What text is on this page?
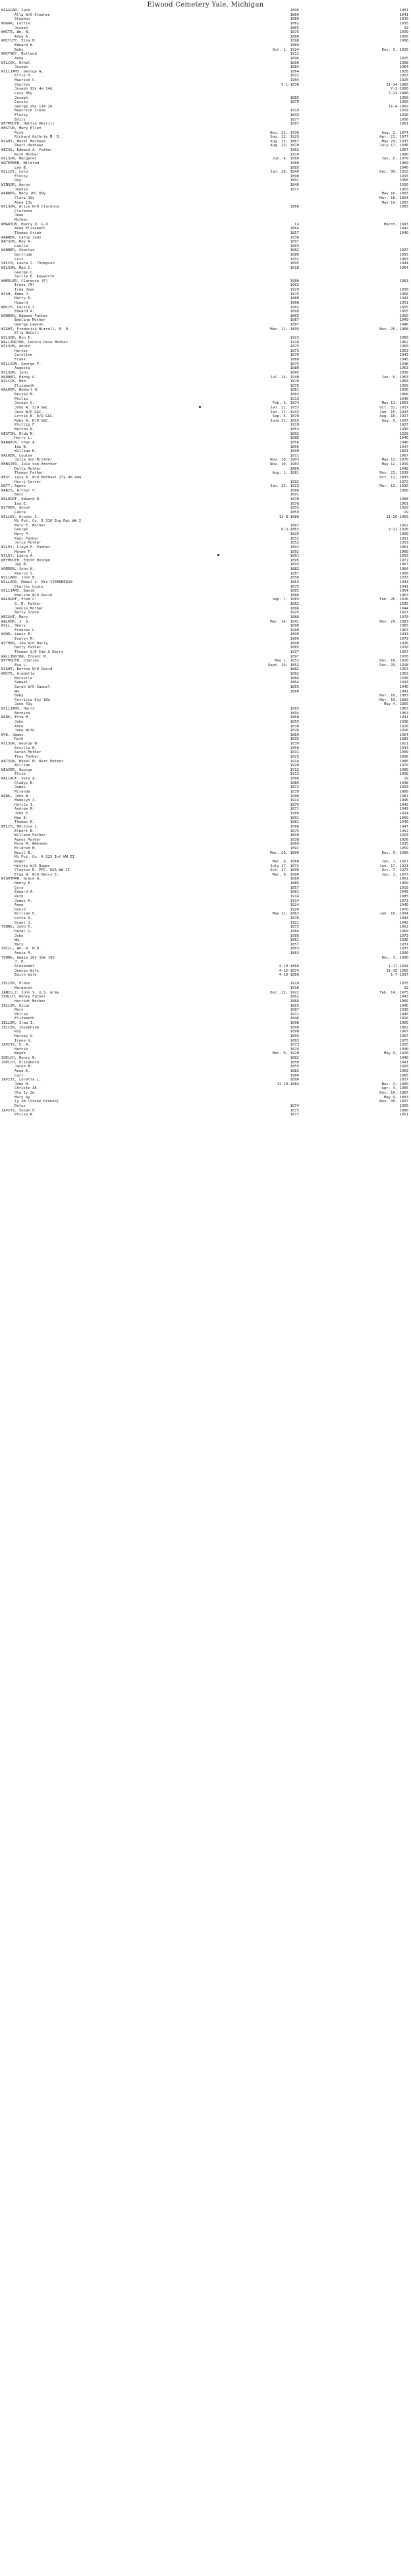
Elwood Cemetery Yale, Michigan
WIGGGAR, Jack	1896	1901
Alla W/O Stephen	1869	1941
Stephen	1866	1930
WOGAR, Lottie	1862	1935
Joseph	1865	19
WHITE, Wm. N.	1875	1939
Anna A.	1880	1956
WHITLEY, Elsa B.	1898	1968
Edward W.	1889
Baby	Oct. 1, 1924	Dec. 3, 1925
WHITNEY, Rolland	1912
Anna	1896	1925
WILCOX, Ethel	1890	1968
Joseph	1884	1964
WILLIAMS, George N.	1864	1928
Effie M.	1872	1953
Maurice C.	1904	1925
Charles	5-1-1836	11-14-1885
Joseph 93y 4m 14d	7-2-1890
Lucy 85y	7-23-1880
Joseph	1865	1950
Cassie	1870	1950
George 29y 11m 2d	11-4-1902
Beatrice Irene	1919	1919
Flossy	1843	1916
Emily	1877	1956
WEYMOUTH, Hattie Merrill	1887	1961
WESTON, Mary Ellen
Rick	Nov. 22, 1936	Aug. 2, 1974
Richard Guthrie M. D.	Sep. 22, 1929	Apr. 21, 1977
WIGHT, Hazel Mathews	Aug. 13, 1867	May 29, 1933
Pearl Mathews	Aug. 23, 1870	July 17, 1936
WEISS, Edward A. Father	1902	1967
Ruth Mother	1910	1980
WILSON, Margaret	Jun. 4, 1899	Jan. 6, 1979
WATERMAN, Mildred	1900	1969
Leo B.	1885	1940
WILLEY, Lela	Jan. 26, 1849	Dec. 30, 1913
Flossy	1890	1915
Roy	1891	1956
WINSOR, Aaron	1846	1916
Jennie	1872	1953
WARNER, Mary (M) 60y	May 16, 1893
Clara 19y	Mar. 18, 1894
Anna 13y	May 19, 1893
WILSON, Alice W/O Clarence	1866	1905
Clarence
Jean
Mother
WHARTON, Harry D. G.O	lo	March, 1893
Anne Elizabeth	1864	1942
Thomas Uriah	1857	1940
WARNER, Cathy Jean	1936
WATSON, Roy A.	1897
Luella	1903
WARNER, Charles	1882	1937
Gertrude	1886	1955
Lois	1932	1963
VELCH, Laura J. Thompson	1895	1944
WILSON, Max C.	1918	1964
George C.
Sallie E. Keyworth
WHEELER, Clarence (F)	1900	1963
Irene (M)	1902
Irma Jean	1929	1930
WISH, Emma J.	1875	1956
Harry E.	1880	1944
Howard	1908	1951
WHITE, Cecile I.	1902	1955
Edward A.	1899	1955
WORDEN, Edmond Father	1865	1950
Emeline Mother	1867	1949
George Lawson	1897	1946
WIGHT, Frederick Burrell, M. D.	Mar. 11, 1895	Nov. 25, 1968
Ella McColl
WILSON, Don E.	1923	1960
WALLINGTON, Lenore Rose Mother	1916	1962
WILSON, Annie	1875	1950
Harvey	1873	1953
Caroline	1876	1942
Frank	1868	1945
WILLSON, George F.	1875	1948
Augusta	1880	1963
WILSON, John	1845	1939
WARNER, Danny G.	Jul. 24, 1948	Jan. 6, 1963
WILCOX, Moe	1878	1950
Elizabeth	1876	1959
WALKER, Robert H.	1881	1956
Bessie M.	1883	1968
Philip	1913	1940
Joseph G.	Feb. 3, 1874	May 11, 1953
John W. S/O G&C.	Jan. 21, 1933	Oct. 31, 1937
Jack W/O G&C.	Jan. 17, 1943	Jan. 15, 1943
Lottie E. D/O G&C.	Sep. 5, 1870	Aug. 16, 1927
Ruby A. D/O G&C.	June 11, 1893	Aug. 9, 1937
Phillip F.	1919	1927
Martha A.	1853	1930
WESTON, Elda M.	1892	1920
Harry L.	1886	1946
WARWICK, Chas A.	1856	1940
Ida B.	1856	1947
William H.	1890	1891
WALKER, Louise	1911	1967
Julia Son-Brother	Nov. 10, 1903	May 12, 1978
WEBSTER, Jule Son-Brother	Nov. 10, 1903	May 12, 1934
Della Mother	1869	1948
Thomas Father	Aug. 1, 1881	Nov. 23, 1939
WEST, Lucy A. W/O Bethuel 27y 4m 4da	Oct. 11, 1893
Harry Carter	1892	1972
WATT, Agnes	Jan. 15, 1923	Mar. 13, 1920
WARIS, Arthur F.	1886	1968
Bess	1891
WALDORF, Edward R.	1878	1968
Iva E.	1878	1961
WITHER, Anson	1855	1929
Laura	1859	19
WILLEY, Grover C.	11-8-1886	11-20-1963
Mi Pvt. Co. 3 310 Eng Rgt WW I
Mary E. Mother	1867	1922
George	6-3-1863	7-21-1928
Mary P.	1825	1909
Paul Father	1851	1931
Julia Mother	1852	1919
WILEY, Lloyd F. Father	1892	1961
Mayme F.	1892	1968
WILEY, Laura A.	1891	1959
WEYMOUTH, Edith Holden	1895	1972
Jay B.	1893	1967
WORDEN, John H.	1882	1964
Pearle S.	1887	1956
WILLARD, John B.	1856	1933
WILLARD, Mabel L. Mrs STEENBERGH	1863	1933
Charles Louis	1875	1941
WILLIAMS, David	1883	1954
Emeline W/O David	1886	1963
WALDORF, Fred C.	Sep. 7, 1903	Feb. 26, 1916
G. D. Father	1862	1935
Jennie Mother	1866	1944
Betty Irene	1925	1927
WRIGHT, Mary	1886	1970
WALKER, J. G.	Mar. 14, 1841	Nov. 29, 1883
WILL, Henry	1898	1965
Frances L.	1900	1963
WOOD, Lewis E.	1899	1943
Evelyn M.	1909	1979
WITHER, Ida W/O Harry	1890	1936
Harry Father	1885	1939
Thomas S/O Ida & Harry	1937	1937
WALLINGTON, Ernest M.	1897	1978
WEYMOUTH, Charles	May 1, 1852	Dec. 18, 1918
Eva L.	Sept. 19, 1852	Dec. 29, 1918
WIGHT, Bertha W/O David	1882	1953
WHITE, Arabella	1882	1963
Marcella	1866	1938
Samuel	1864	1943
Sarah W/O Samuel	1855	1940
Wm.	1880	1941
Baby	Mar. 10, 1883
Patricia 62y 10m	Mar. 10, 1883
Jane 41y	May 4, 1865
WILLIAMS, Harry	1883	1963
Bernice	1894	1953
WARK, Etta M.	1860	1941
John	1855	1938
Anne	1830	1916
Jane Wife	1826	1916
WYE, James	1869	1954
Ruth	1895	1983
WILSON, George W.	1839	1911
Arvilla B.	1858	1933
Sarah Mother	1831	1909
Thos Father	1825	1906
WATSON, Hazel M. Barr Mother	1914	1985
William	1920	1979
WEAVER, George	1912	1985
Elsie	1913	1968
WALLACE, Vera A.	1888	19
Gladys E.	1889	1948
James	1872	1933
Miranda	1839	1908
WARK, John W.	1908	1981
Madelyn I.	1914	1996
Hattie I.	1875	1942
Andrew M.	1871	1949
John E.	1909	1914
Mae E.	1891	1960
Thomas K.	1881	1940
WELCH, Melissa L.	1868	1947
Elbert B.	1875	1952
Willard Father	1839	1924
Agnes Mother	1838	1926
Rose M. W&koman	1869	1935
Mildred M.	1892	1959
Basil B.	Mar. 29, 1899	Dec. 9, 1960
Mi Pvt. Co. A 123 Inf WW II
Roger	Mar. 8, 1868	Jan. 1, 1927
Hattie W/O Roger	July 17, 1872	Jun. 17, 1921
Clayton R. PFC. USA WW II	Oct. 17, 1896	Oct. 7, 1973
Elma W. W/O Henry E.	Mar. 9, 1900	Jun. 1, 1973
WIGHTMAN, Grace A.	1889	1961
Henry E.	1885	1969
Cora	1857	1915
Edward A.	1881	1949
Ruth	1914	1985
James A.	1914	1973
Anne	1924	1945
David	1924	1970
William E.	May 11, 1863	Jan. 10, 1904
Lotta A.	1876	1944
Grant J.	1921	1942
YOUNG, John H.	1873	1952
Hazel G.	1884	1969
John	1905	1973
Wm.	1861	1936
Mary	1857	1931
YUILL, Wm. R. M.D.	1863	1935
Annie M.	1863	1930
YOUNG, Aggie 20y 10m 19d	Dec. 3, 1890
J. H.
Alexander	4-19-1866	1-17-1944
Jennie Wife	4-15-1874	11-15-1955
Edith Wife	4-19-1866	1-7-1937
ZELLER, Eldon	1919	1975
Margaret	1916	19
ZANILLI, John V. U.S. Army	Dec. 22, 1922	Feb. 14, 1975
ZEULCH, Henry Father	1862	1943
Harriet Mother	1866	1965
ZELLER, Oscar	1883	1945
Mary	1887	1938
Philip	1911	1945
Elizabeth	1846	1916
ZELLER, Irma I.	1898	1965
ZELLER, Josephine	1890	1962
Roy	1890	1967
Harvey S.	1893	1967
Irene G.	1893	1975
ZAVITZ, E. A.	1873	1935
Hattie	1874	1930
Wayne	Mar. 9, 1920	May 9, 1920
ZUELCH, Henry N.	1882	1948
ZUELCH, Elizabeth	1850	1941
Jacob B.	1855	1920
Anna E.	1883	1963
Carl	1904	1965
ZAVITZ, Loretta L.	1890	1937
John H.	11-20-1884	Nov. 4, 1909
Christe 38	Apr. 3, 1905
Ola 1y 2m	Dec. 10, 1887
Mary 4y	May 9, 1893
ly 2m (Stone broken)	Nov. 30, 1897
Delos	1874	1955
ZAVITZ, Susan E.	1875	1980
Philip R.	1877	1951
